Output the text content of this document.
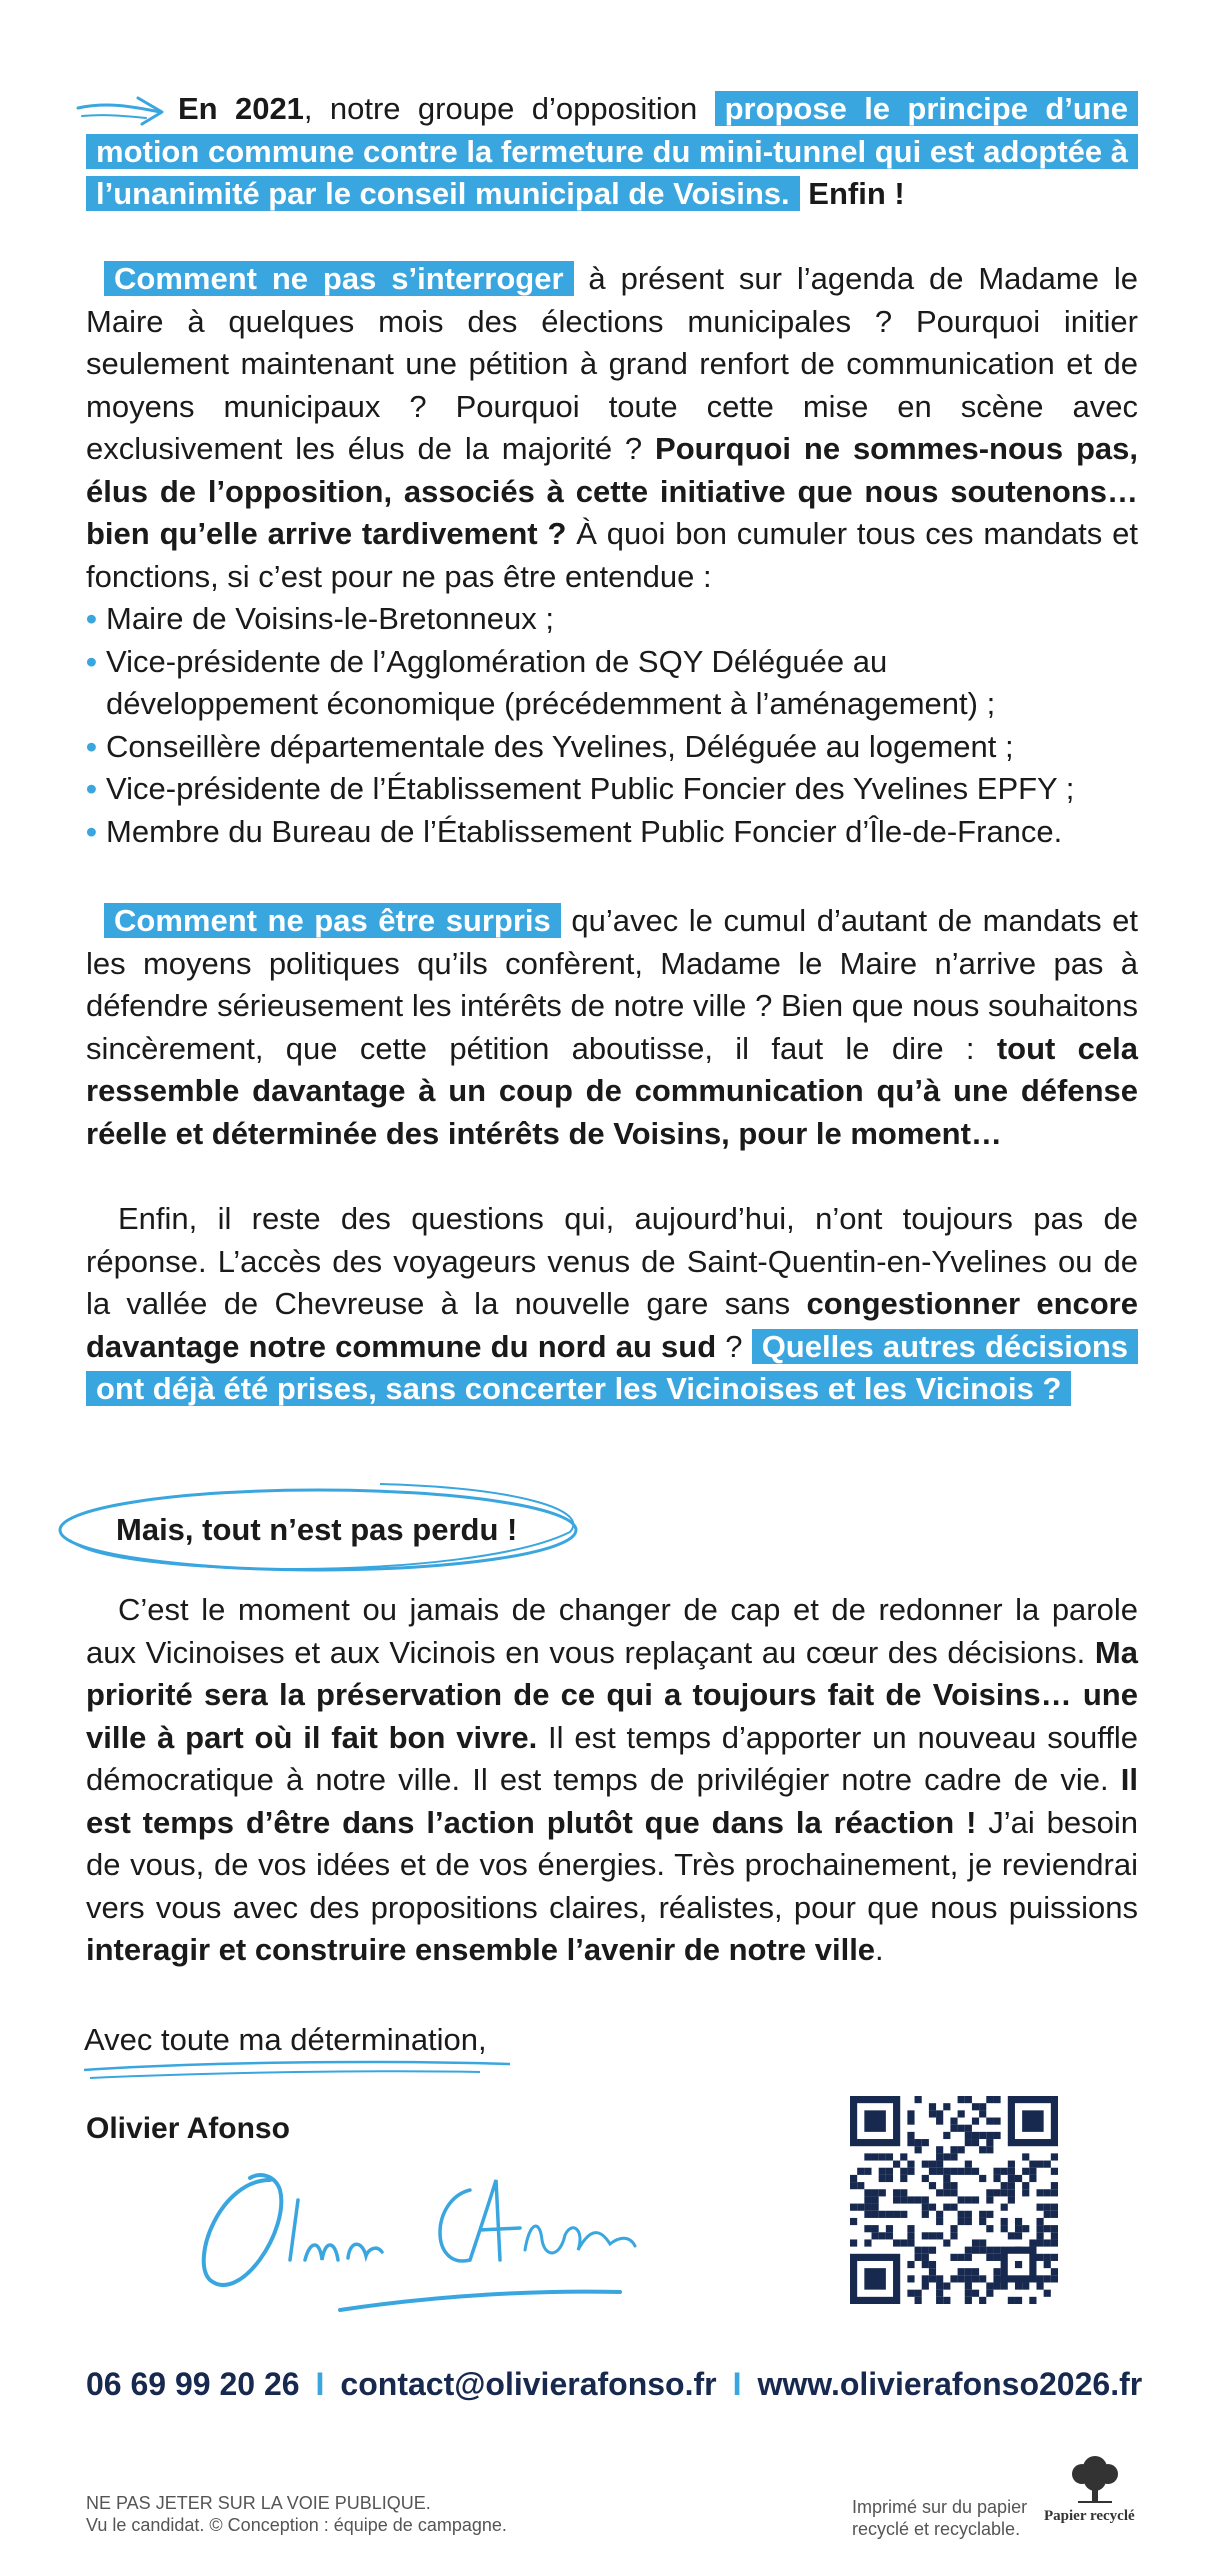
En 2021, notre groupe d’opposition propose le principe d’une motion commune contre la fermeture du mini-tunnel qui est adoptée à l’unanimité par le conseil municipal de Voisins. Enfin !
Comment ne pas s’interroger à présent sur l’agenda de Madame le Maire à quelques mois des élections municipales ? Pourquoi initier seulement maintenant une pétition à grand renfort de communication et de moyens municipaux ? Pourquoi toute cette mise en scène avec exclusivement les élus de la majorité ? Pourquoi ne sommes-nous pas, élus de l’opposition, associés à cette initiative que nous soutenons… bien qu’elle arrive tardivement ? À quoi bon cumuler tous ces mandats et fonctions, si c’est pour ne pas être entendue :
• Maire de Voisins-le-Bretonneux ;
• Vice-présidente de l’Agglomération de SQY Déléguée au
développement économique (précédemment à l’aménagement) ;
• Conseillère départementale des Yvelines, Déléguée au logement ;
• Vice-présidente de l’Établissement Public Foncier des Yvelines EPFY ;
• Membre du Bureau de l’Établissement Public Foncier d’Île-de-France.
Comment ne pas être surpris qu’avec le cumul d’autant de mandats et les moyens politiques qu’ils confèrent, Madame le Maire n’arrive pas à défendre sérieusement les intérêts de notre ville ? Bien que nous souhaitons sincèrement, que cette pétition aboutisse, il faut le dire : tout cela ressemble davantage à un coup de communication qu’à une défense réelle et déterminée des intérêts de Voisins, pour le moment…
Enfin, il reste des questions qui, aujourd’hui, n’ont toujours pas de réponse. L’accès des voyageurs venus de Saint-Quentin-en-Yvelines ou de la vallée de Chevreuse à la nouvelle gare sans congestionner encore davantage notre commune du nord au sud ? Quelles autres décisions ont déjà été prises, sans concerter les Vicinoises et les Vicinois ?
Mais, tout n’est pas perdu !
C’est le moment ou jamais de changer de cap et de redonner la parole aux Vicinoises et aux Vicinois en vous replaçant au cœur des décisions. Ma priorité sera la préservation de ce qui a toujours fait de Voisins… une ville à part où il fait bon vivre. Il est temps d’apporter un nouveau souffle démocratique à notre ville. Il est temps de privilégier notre cadre de vie. Il est temps d’être dans l’action plutôt que dans la réaction ! J’ai besoin de vous, de vos idées et de vos énergies. Très prochainement, je reviendrai vers vous avec des propositions claires, réalistes, pour que nous puissions interagir et construire ensemble l’avenir de notre ville.
Avec toute ma détermination,
Olivier Afonso
06 69 99 20 26 I contact@olivierafonso.fr I www.olivierafonso2026.fr
NE PAS JETER SUR LA VOIE PUBLIQUE.
Vu le candidat. © Conception : équipe de campagne.
Imprimé sur du papier
recyclé et recyclable.
Papier recyclé
